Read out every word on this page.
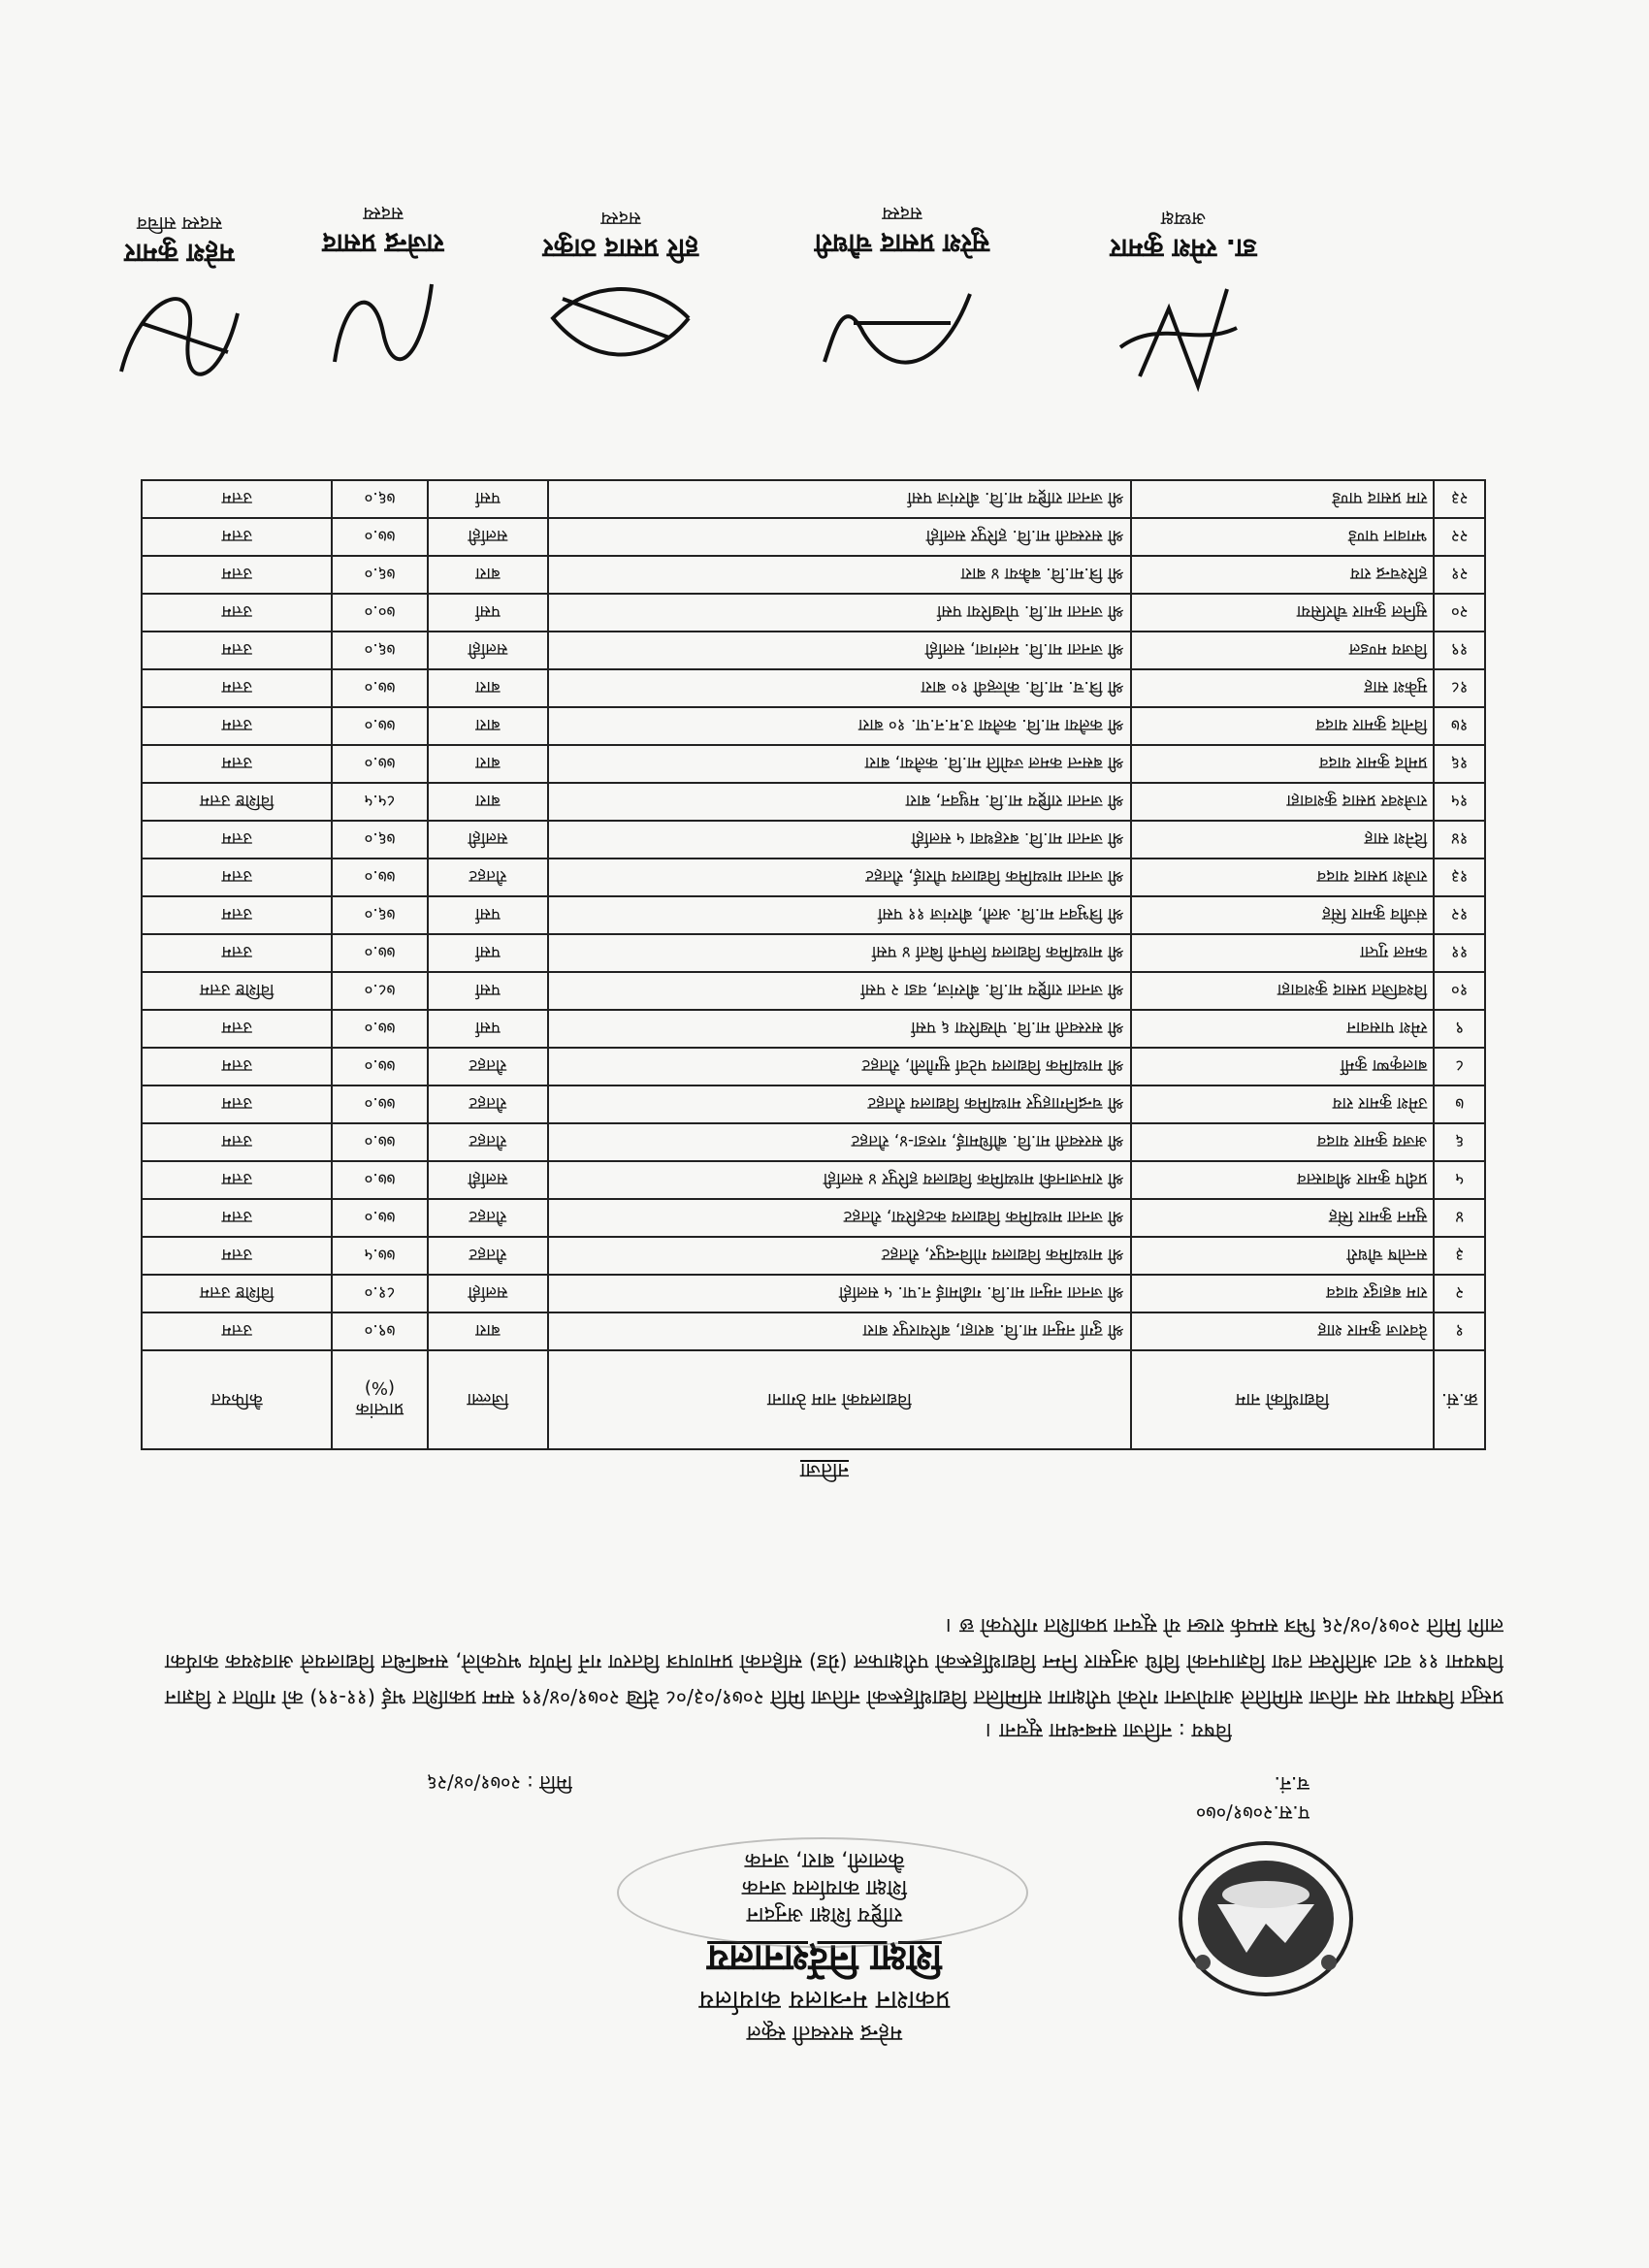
महेन्द्र सरस्वती स्कूल
प्रकाशन मन्त्रालय कार्यालय
शिक्षा निर्देशनालय
राष्ट्रिय शिक्षा अनुदान
शिक्षा कार्यालय जनक
कैलाली, बारा, जनक
प.स.२०७१/०७०
च.नं.
मिति : २०७१/०४/२६
विषय : नतिजा सम्बन्धमा सूचना ।
प्रस्तुत विषयमा यस नतिजा समितिले आयोजना गरेको परीक्षामा सम्मिलित विद्यार्थीहरूको नतिजा मिति २०७१/०३/०८ देखि २०७१/०४/१९ सम्म प्रकाशित भई (११-१९) को गणित र विज्ञान विषयमा ११ वटा अतिरिक्त तथा विज्ञापनको विधि अनुसार निम्न विद्यार्थीहरूको परीक्षाफल (ग्रेड) सहितको प्रमाणपत्र वितरण गर्ने निर्णय भएकोले, सम्बन्धित विद्यालयले आवश्यक कार्यका लागि मिति २०७१/०४/२६ भित्र सम्पर्क राख्न यो सूचना प्रकाशित गरिएको छ ।
नतिजा
क्र.सं.	विद्यार्थीको नाम	विद्यालयको नाम ठेगाना	जिल्ला	प्राप्तांक (%)	कैफियत
१	देवराज कुमार शाह	श्री दुर्गा नमुना मा.वि. बराहा, बरियारपुर बारा	बारा	७९.०	उत्तम
२	राम बहादुर यादव	श्री जनता नमुना मा.वि. गढीमाई न.पा. ५ सर्लाही	सर्लाही	८१.०	विशिष्ट उत्तम
३	सन्तोष चौधरी	श्री माध्यमिक विद्यालय गोविन्दपुर, रौतहट	रौतहट	७७.५	उत्तम
४	सुमन कुमार सिंह	श्री जनता माध्यमिक विद्यालय कटहरिया, रौतहट	रौतहट	७७.०	उत्तम
५	प्रदीप कुमार श्रीवास्तव	श्री रामजानकी माध्यमिक विद्यालय हरिपुर ४ सर्लाही	सर्लाही	७७.०	उत्तम
६	अजय कुमार यादव	श्री सरस्वती मा.वि. बौधिमाई, गरुडा-४, रौतहट	रौतहट	७७.०	उत्तम
७	उमेश कुमार राय	श्री चन्द्रनिगाहपुर माध्यमिक विद्यालय रौतहट	रौतहट	७७.०	उत्तम
८	बालकृष्ण कुर्मी	श्री माध्यमिक विद्यालय पटेर्वा सुगौली, रौतहट	रौतहट	७७.०	उत्तम
९	रमेश पासवान	श्री सरस्वती मा.वि. पोखरिया ६ पर्सा	पर्सा	७७.०	उत्तम
१०	विश्वजित प्रसाद कुशवाहा	श्री जनता राष्ट्रिय मा.वि. बीरगंज, वडा २ पर्सा	पर्सा	७८.०	विशिष्ट उत्तम
११	कमल गुप्ता	श्री माध्यमिक विद्यालय लिपनी बिर्ता ४ पर्सा	पर्सा	७७.०	उत्तम
१२	संजीव कुमार सिंह	श्री त्रिभुवन मा.वि. अलौ, बीरगंज ११ पर्सा	पर्सा	७६.०	उत्तम
१३	राजेश प्रसाद यादव	श्री जनता माध्यमिक विद्यालय पौराई, रौतहट	रौतहट	७७.०	उत्तम
१४	दिनेश साह	श्री जनता मा.वि. बरहथवा ५ सर्लाही	सर्लाही	७६.०	उत्तम
१५	राजेश्वर प्रसाद कुशवाहा	श्री जनता राष्ट्रिय मा.वि. मधुवन, बारा	बारा	८५.५	विशिष्ट उत्तम
१६	प्रमोद कुमार यादव	श्री बसन्त कमल ज्योति मा.वि. कलैया, बारा	बारा	७७.०	उत्तम
१७	विनोद कुमार यादव	श्री कलैया मा.वि. कलैया उ.म.न.पा. १० बारा	बारा	७७.०	उत्तम
१८	मुकेश साह	श्री त्रि.च. मा.वि. कोल्हवी १० बारा	बारा	७७.०	उत्तम
१९	विजय मण्डल	श्री जनता मा.वि. मलंगवा, सर्लाही	सर्लाही	७६.०	उत्तम
२०	सुनिल कुमार चौरसिया	श्री जनता मा.वि. पोखरिया पर्सा	पर्सा	७०.०	उत्तम
२१	हरिश्चन्द्र राय	श्री त्रि.मा.वि. बकैया ४ बारा	बारा	७६.०	उत्तम
२२	भगवान पाण्डे	श्री सरस्वती मा.वि. हरिपुर सर्लाही	सर्लाही	७७.०	उत्तम
२३	राम प्रसाद पाण्डे	श्री जनता राष्ट्रिय मा.वि. बीरगंज पर्सा	पर्सा	७६.०	उत्तम
महेश कुमार
सदस्य सचिव
राजेन्द्र प्रसाद
सदस्य
हरि प्रसाद ठाकुर
सदस्य
सुरेश प्रसाद चौधरी
सदस्य
डा. रमेश कुमार
अध्यक्ष
